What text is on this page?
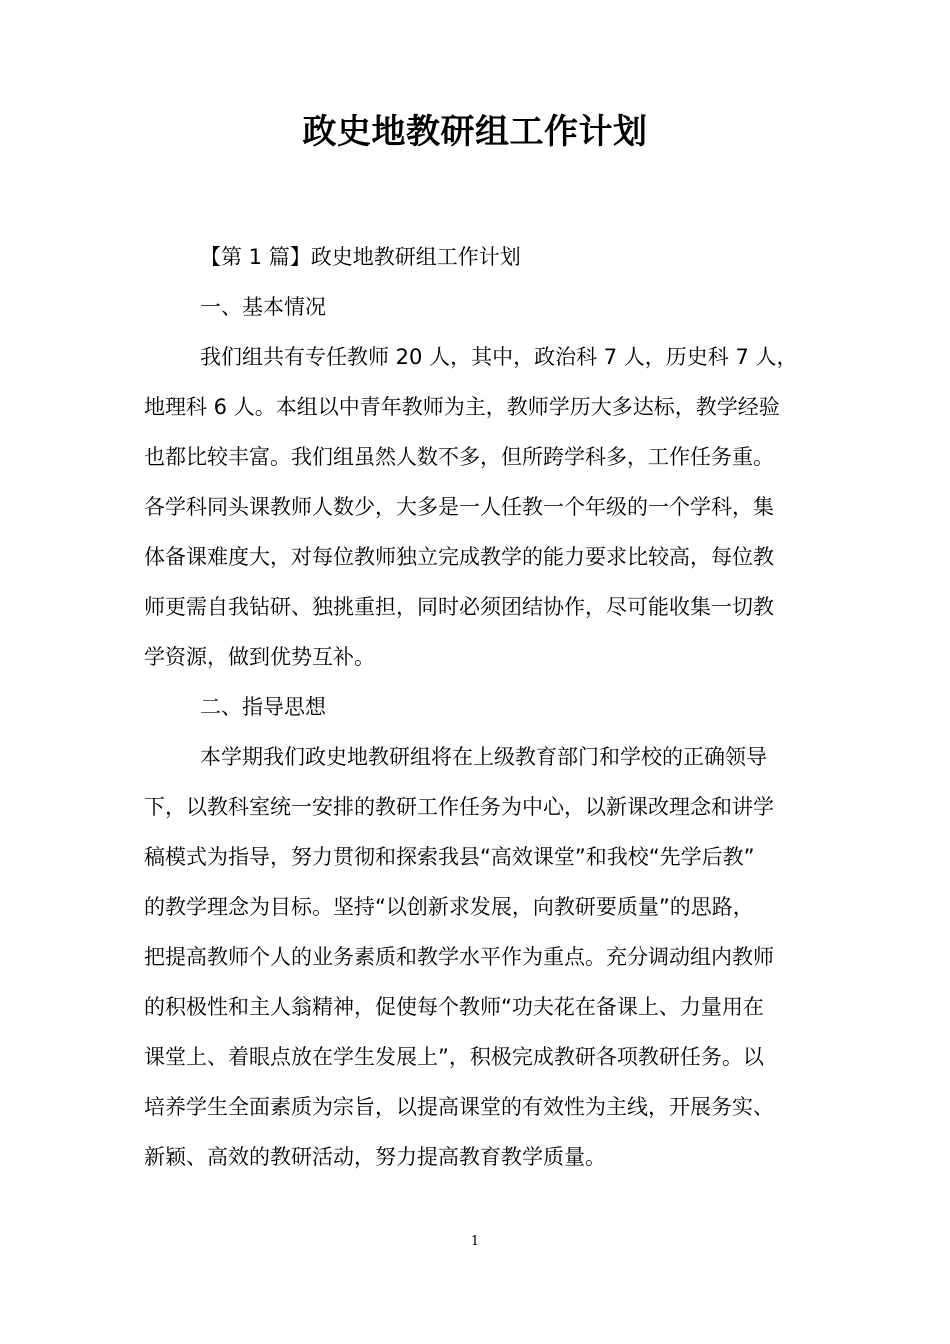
政史地教研组工作计划
【第 1 篇】政史地教研组工作计划
一、基本情况
我们组共有专任教师 20 人，其中，政治科 7 人，历史科 7 人，
地理科 6 人。本组以中青年教师为主，教师学历大多达标，教学经验
也都比较丰富。我们组虽然人数不多，但所跨学科多，工作任务重。
各学科同头课教师人数少，大多是一人任教一个年级的一个学科，集
体备课难度大，对每位教师独立完成教学的能力要求比较高，每位教
师更需自我钻研、独挑重担，同时必须团结协作，尽可能收集一切教
学资源，做到优势互补。
二、指导思想
本学期我们政史地教研组将在上级教育部门和学校的正确领导
下，以教科室统一安排的教研工作任务为中心，以新课改理念和讲学
稿模式为指导，努力贯彻和探索我县“高效课堂”和我校“先学后教”
的教学理念为目标。坚持“以创新求发展，向教研要质量”的思路，
把提高教师个人的业务素质和教学水平作为重点。充分调动组内教师
的积极性和主人翁精神，促使每个教师“功夫花在备课上、力量用在
课堂上、着眼点放在学生发展上”，积极完成教研各项教研任务。以
培养学生全面素质为宗旨，以提高课堂的有效性为主线，开展务实、
新颖、高效的教研活动，努力提高教育教学质量。
1
